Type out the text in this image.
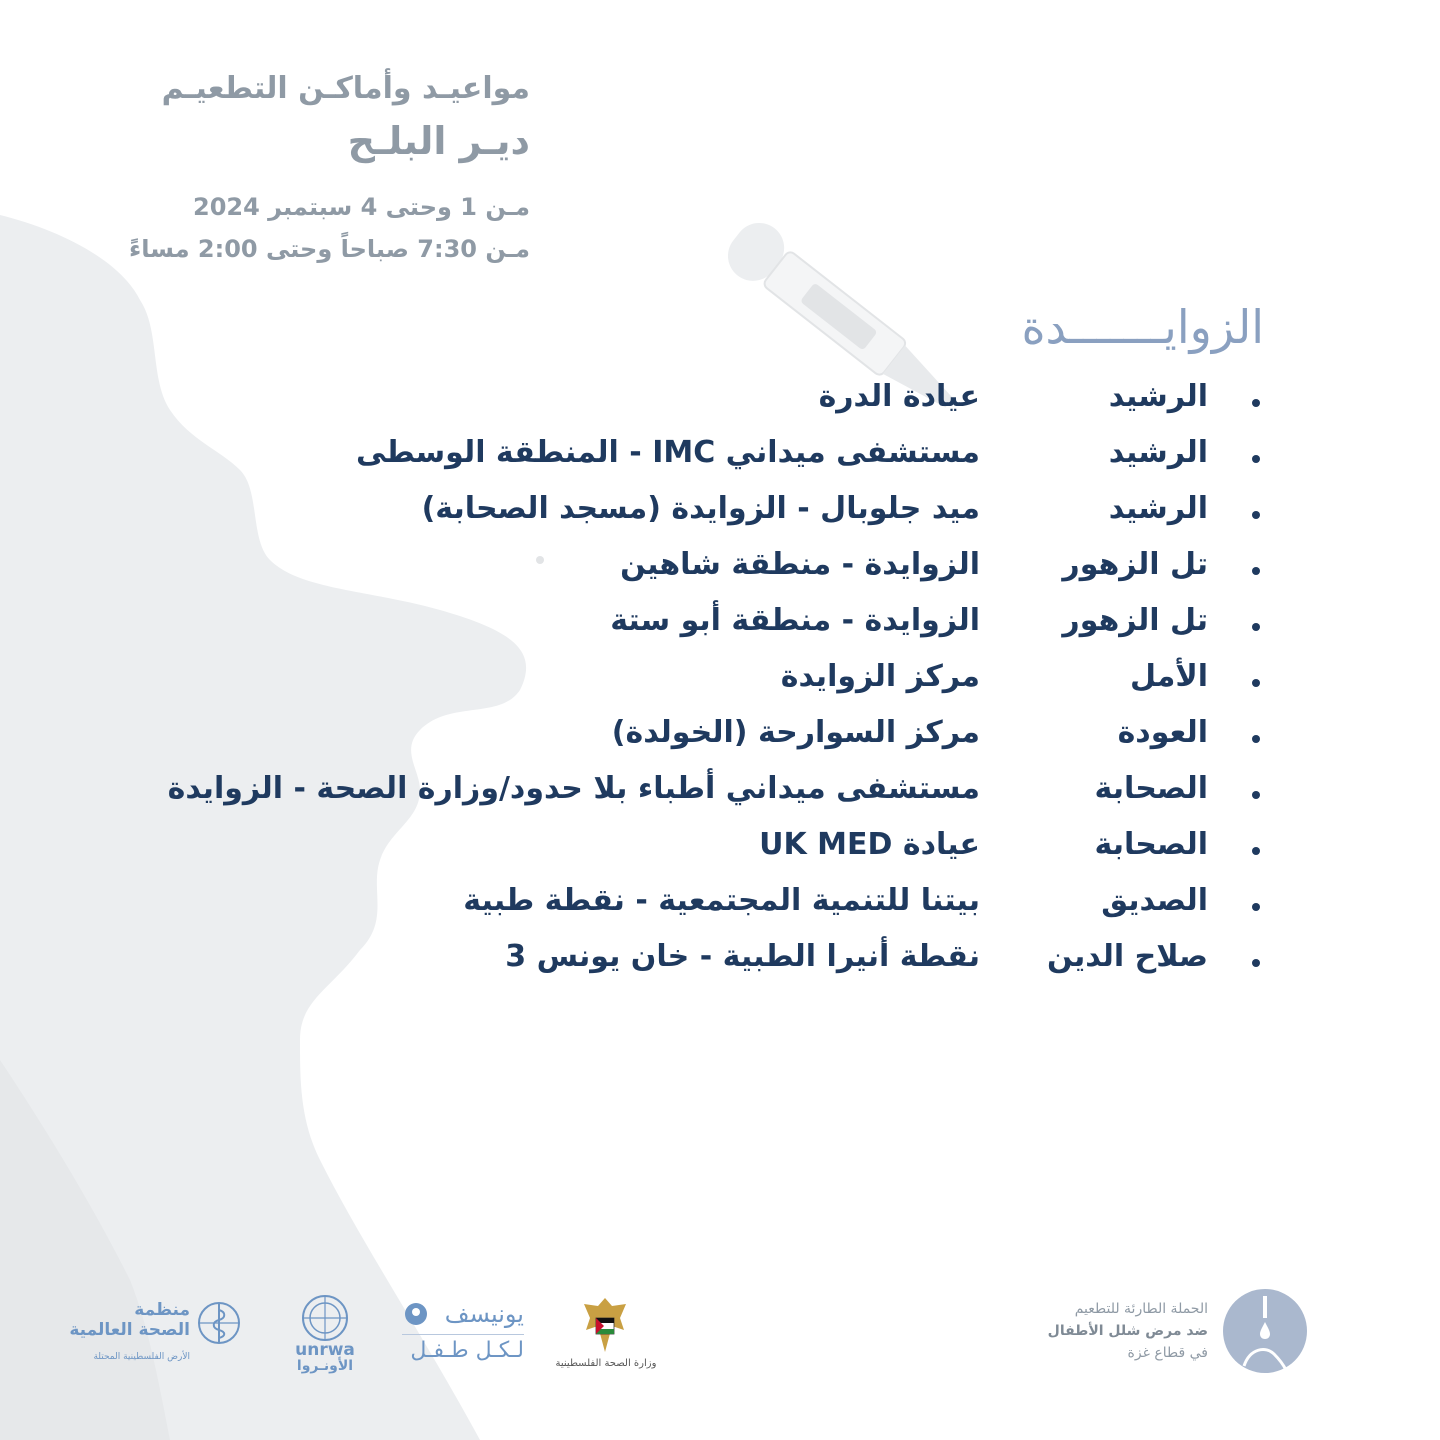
مواعيـد وأماكـن التطعيـم
ديـر البلـح
مـن 1 وحتى 4 سبتمبر 2024
مـن 7:30 صباحاً وحتى 2:00 مساءً
الزوايـــــــدة
الرشيد
عيادة الدرة
الرشيد
مستشفى ميداني IMC - المنطقة الوسطى
الرشيد
ميد جلوبال - الزوايدة (مسجد الصحابة)
تل الزهور
الزوايدة - منطقة شاهين
تل الزهور
الزوايدة - منطقة أبو ستة
الأمل
مركز الزوايدة
العودة
مركز السوارحة (الخولدة)
الصحابة
مستشفى ميداني أطباء بلا حدود/وزارة الصحة - الزوايدة
الصحابة
عيادة UK MED
الصديق
بيتنا للتنمية المجتمعية - نقطة طبية
صلاح الدين
نقطة أنيرا الطبية - خان يونس 3
الحملة الطارئة للتطعيم
ضد مرض شلل الأطفال
في قطاع غزة
وزارة الصحة الفلسطينية
يونيسف
لـكـل طـفـل
unrwa
الأونـروا
منظمة
الصحة العالمية
الأرض الفلسطينية المحتلة
